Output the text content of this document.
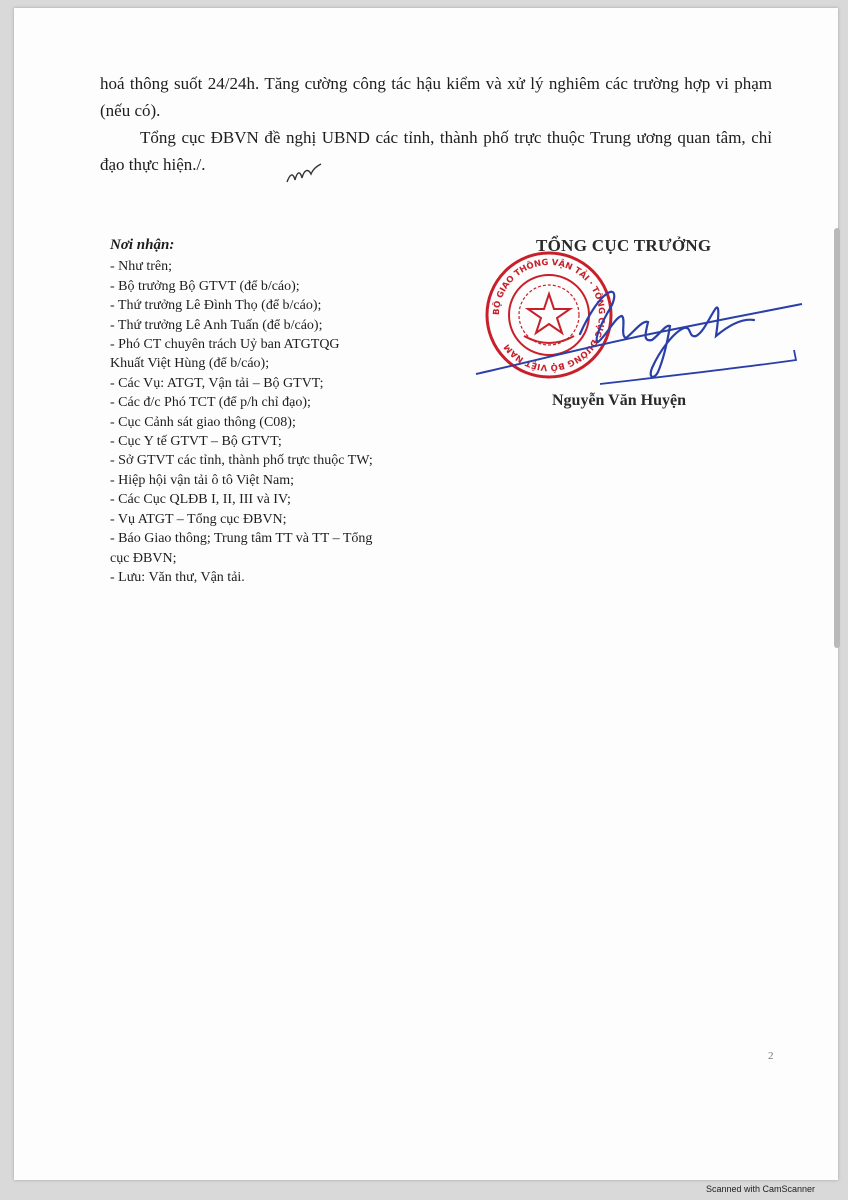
hoá thông suốt 24/24h. Tăng cường công tác hậu kiểm và xử lý nghiêm các trường hợp vi phạm (nếu có).

Tổng cục ĐBVN đề nghị UBND các tỉnh, thành phố trực thuộc Trung ương quan tâm, chỉ đạo thực hiện./.

Nơi nhận:
- Như trên;
- Bộ trưởng Bộ GTVT (để b/cáo);
- Thứ trưởng Lê Đình Thọ (để b/cáo);
- Thứ trưởng Lê Anh Tuấn (để b/cáo);
- Phó CT chuyên trách Uỷ ban ATGTQG
Khuất Việt Hùng (để b/cáo);
- Các Vụ: ATGT, Vận tải – Bộ GTVT;
- Các đ/c Phó TCT (để p/h chỉ đạo);
- Cục Cảnh sát giao thông (C08);
- Cục Y tế GTVT – Bộ GTVT;
- Sở GTVT các tỉnh, thành phố trực thuộc TW;
- Hiệp hội vận tải ô tô Việt Nam;
- Các Cục QLĐB I, II, III và IV;
- Vụ ATGT – Tổng cục ĐBVN;
- Báo Giao thông; Trung tâm TT và TT – Tổng
cục ĐBVN;
- Lưu: Văn thư, Vận tải.
TỔNG CỤC TRƯỞNG
BỘ GIAO THÔNG VẬN TẢI · TỔNG CỤC ĐƯỜNG BỘ VIỆT NAM
Nguyễn Văn Huyện
2
Scanned with CamScanner
